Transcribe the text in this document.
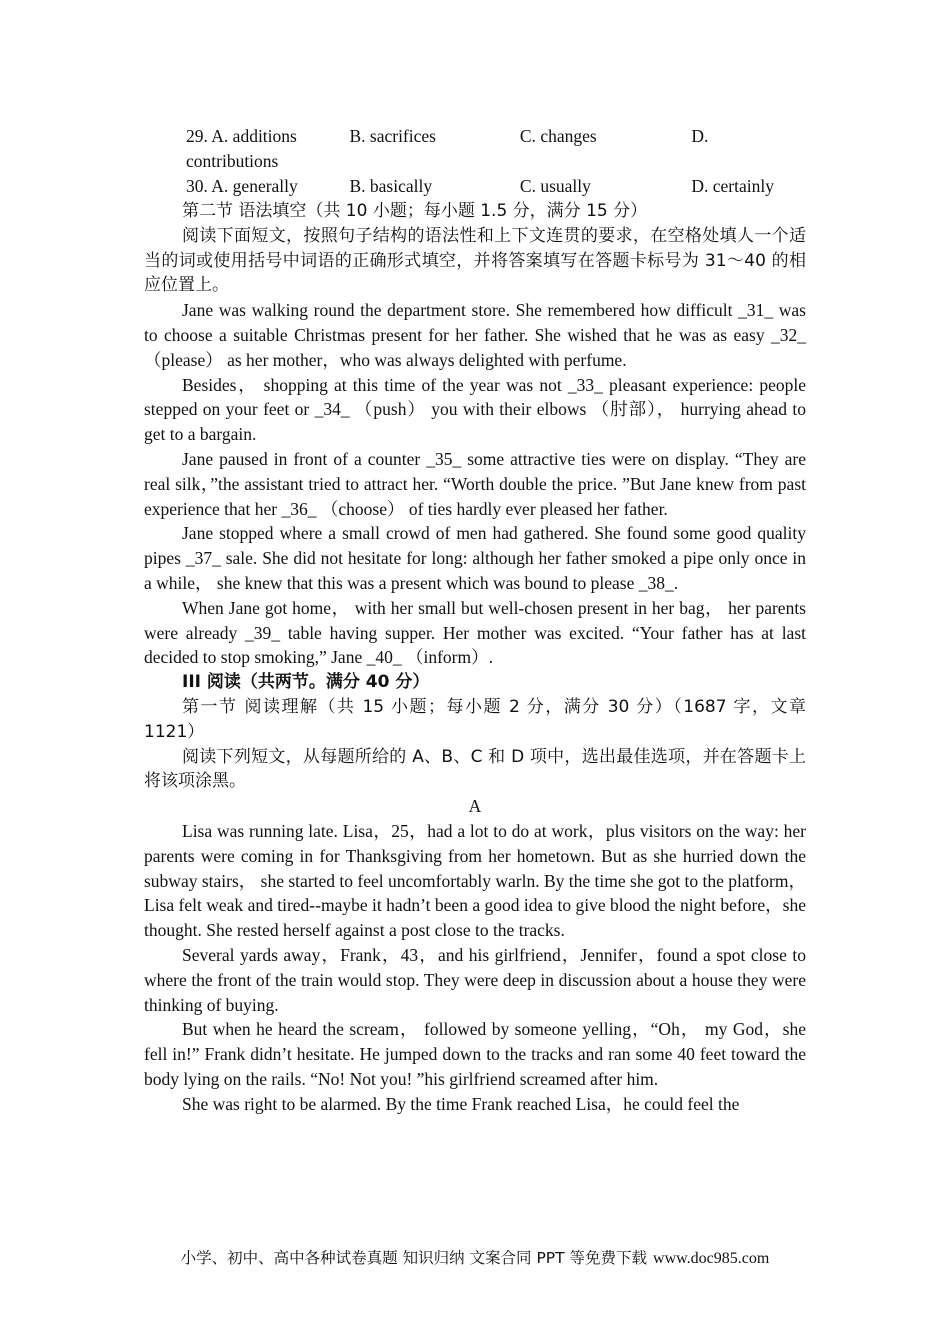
29. A. additions	B. sacrifices	C. changes	D.
contributions
30. A. generally	B. basically	C. usually	D. certainly
第二节 语法填空（共 10 小题；每小题 1.5 分，满分 15 分）

阅读下面短文，按照句子结构的语法性和上下文连贯的要求，在空格处填人一个适当的词或使用括号中词语的正确形式填空，并将答案填写在答题卡标号为 31～40 的相应位置上。

Jane was walking round the department store. She remembered how difficult _31_ was to choose a suitable Christmas present for her father. She wished that he was as easy _32_ （please） as her mother，who was always delighted with perfume.

Besides， shopping at this time of the year was not _33_ pleasant experience: people stepped on your feet or _34_ （push） you with their elbows （肘部）， hurrying ahead to get to a bargain.

Jane paused in front of a counter _35_ some attractive ties were on display. “They are real silk，”the assistant tried to attract her. “Worth double the price. ”But Jane knew from past experience that her _36_ （choose） of ties hardly ever pleased her father.

Jane stopped where a small crowd of men had gathered. She found some good quality pipes _37_ sale. She did not hesitate for long: although her father smoked a pipe only once in a while， she knew that this was a present which was bound to please _38_.

When Jane got home， with her small but well-chosen present in her bag， her parents were already _39_ table having supper. Her mother was excited. “Your father has at last decided to stop smoking,” Jane _40_ （inform）.

III 阅读（共两节。满分 40 分）

第一节 阅读理解（共 15 小题；每小题 2 分，满分 30 分）（1687 字，文章 1121）

阅读下列短文，从每题所给的 A、B、C 和 D 项中，选出最佳选项，并在答题卡上将该项涂黑。

A

Lisa was running late. Lisa，25，had a lot to do at work，plus visitors on the way: her parents were coming in for Thanksgiving from her hometown. But as she hurried down the subway stairs， she started to feel uncomfortably warln. By the time she got to the platform，Lisa felt weak and tired--maybe it hadn’t been a good idea to give blood the night before，she thought. She rested herself against a post close to the tracks.

Several yards away，Frank，43，and his girlfriend，Jennifer，found a spot close to where the front of the train would stop. They were deep in discussion about a house they were thinking of buying.

But when he heard the scream， followed by someone yelling，“Oh， my God，she fell in!” Frank didn’t hesitate. He jumped down to the tracks and ran some 40 feet toward the body lying on the rails. “No! Not you! ”his girlfriend screamed after him.

She was right to be alarmed. By the time Frank reached Lisa，he could feel the

小学、初中、高中各种试卷真题 知识归纳 文案合同 PPT 等免费下载 www.doc985.com
